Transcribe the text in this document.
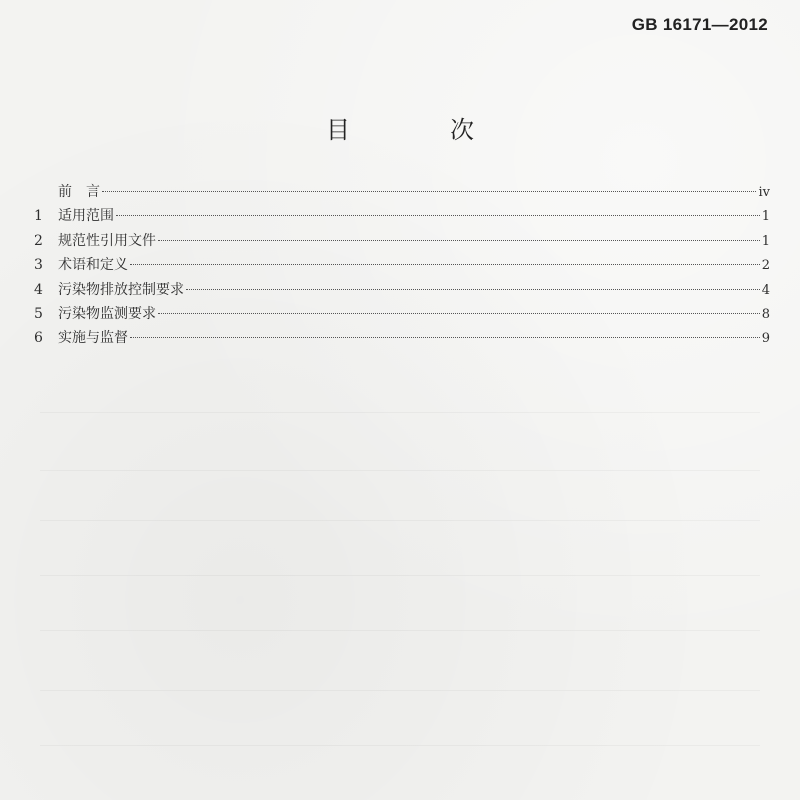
GB 16171—2012
目　次
前　言	iv
1	适用范围	1
2	规范性引用文件	1
3	术语和定义	2
4	污染物排放控制要求	4
5	污染物监测要求	8
6	实施与监督	9
